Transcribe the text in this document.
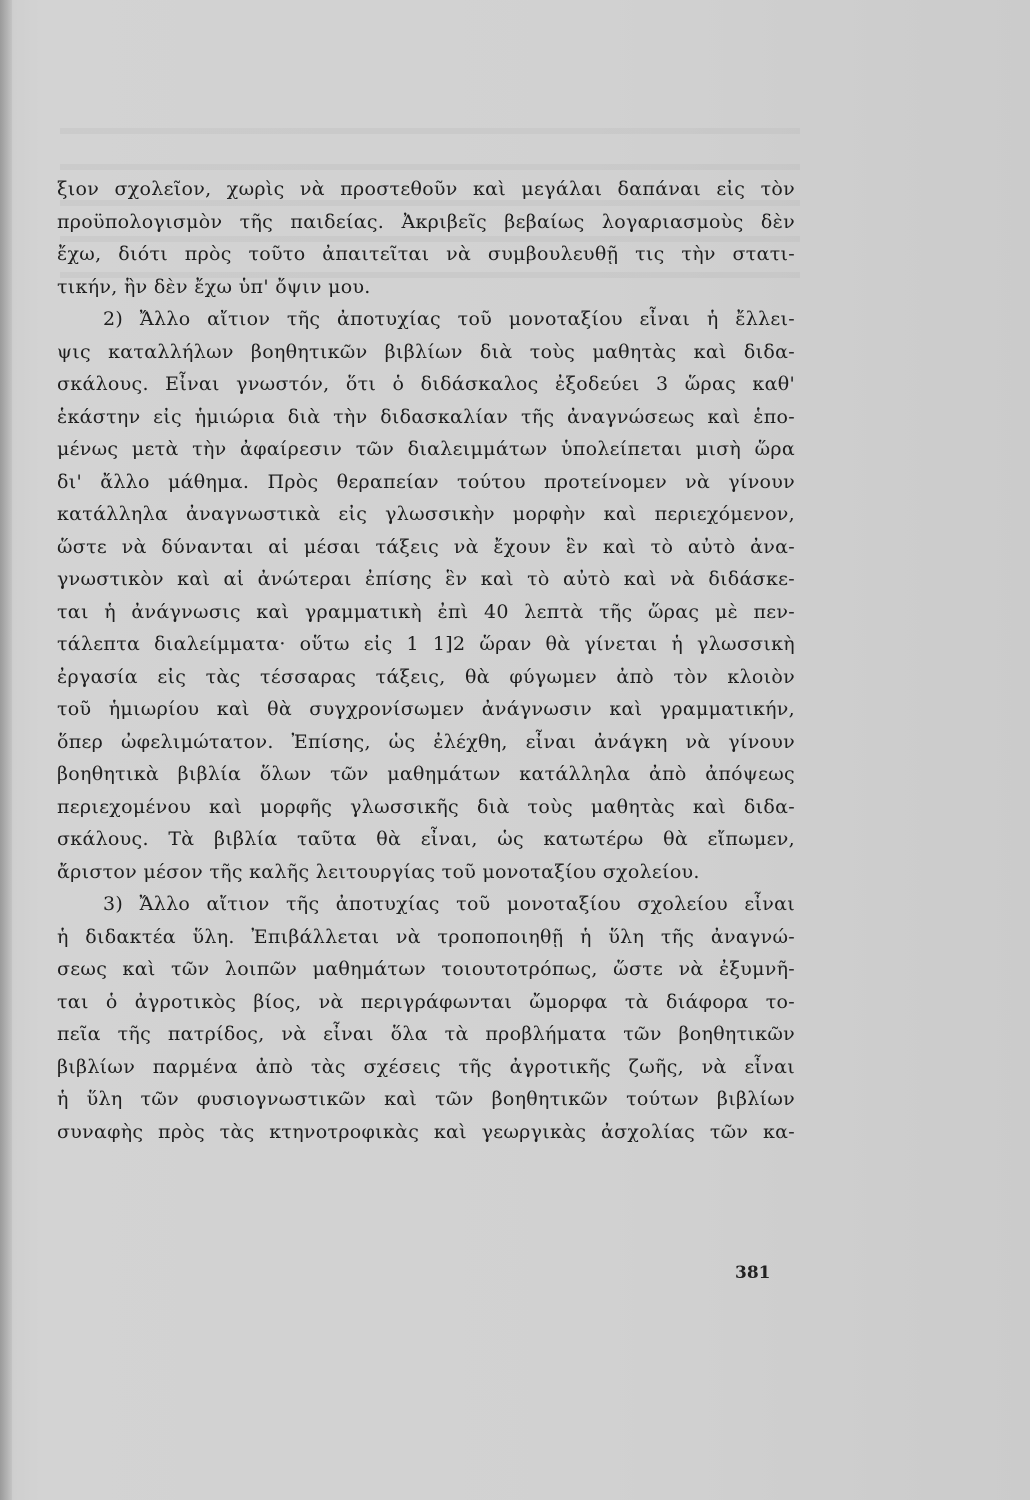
ξιον σχολεῖον, χωρὶς νὰ προστεθοῦν καὶ μεγάλαι δαπάναι εἰς τὸν
προϋπολογισμὸν τῆς παιδείας. Ἀκριβεῖς βεβαίως λογαριασμοὺς δὲν
ἔχω, διότι πρὸς τοῦτο ἀπαιτεῖται νὰ συμβουλευθῇ τις τὴν στατι-
τικήν, ἣν δὲν ἔχω ὑπ' ὄψιν μου.
2) Ἄλλο αἴτιον τῆς ἀποτυχίας τοῦ μονοταξίου εἶναι ἡ ἔλλει-
ψις καταλλήλων βοηθητικῶν βιβλίων διὰ τοὺς μαθητὰς καὶ διδα-
σκάλους. Εἶναι γνωστόν, ὅτι ὁ διδάσκαλος ἐξοδεύει 3 ὥρας καθ'
ἑκάστην εἰς ἡμιώρια διὰ τὴν διδασκαλίαν τῆς ἀναγνώσεως καὶ ἑπο-
μένως μετὰ τὴν ἀφαίρεσιν τῶν διαλειμμάτων ὑπολείπεται μισὴ ὥρα
δι' ἄλλο μάθημα. Πρὸς θεραπείαν τούτου προτείνομεν νὰ γίνουν
κατάλληλα ἀναγνωστικὰ εἰς γλωσσικὴν μορφὴν καὶ περιεχόμενον,
ὥστε νὰ δύνανται αἱ μέσαι τάξεις νὰ ἔχουν ἓν καὶ τὸ αὐτὸ ἀνα-
γνωστικὸν καὶ αἱ ἀνώτεραι ἐπίσης ἓν καὶ τὸ αὐτὸ καὶ νὰ διδάσκε-
ται ἡ ἀνάγνωσις καὶ γραμματικὴ ἐπὶ 40 λεπτὰ τῆς ὥρας μὲ πεν-
τάλεπτα διαλείμματα· οὕτω εἰς 1 1]2 ὥραν θὰ γίνεται ἡ γλωσσικὴ
ἐργασία εἰς τὰς τέσσαρας τάξεις, θὰ φύγωμεν ἀπὸ τὸν κλοιὸν
τοῦ ἡμιωρίου καὶ θὰ συγχρονίσωμεν ἀνάγνωσιν καὶ γραμματικήν,
ὅπερ ὠφελιμώτατον. Ἐπίσης, ὡς ἐλέχθη, εἶναι ἀνάγκη νὰ γίνουν
βοηθητικὰ βιβλία ὅλων τῶν μαθημάτων κατάλληλα ἀπὸ ἀπόψεως
περιεχομένου καὶ μορφῆς γλωσσικῆς διὰ τοὺς μαθητὰς καὶ διδα-
σκάλους. Τὰ βιβλία ταῦτα θὰ εἶναι, ὡς κατωτέρω θὰ εἴπωμεν,
ἄριστον μέσον τῆς καλῆς λειτουργίας τοῦ μονοταξίου σχολείου.
3) Ἄλλο αἴτιον τῆς ἀποτυχίας τοῦ μονοταξίου σχολείου εἶναι
ἡ διδακτέα ὕλη. Ἐπιβάλλεται νὰ τροποποιηθῇ ἡ ὕλη τῆς ἀναγνώ-
σεως καὶ τῶν λοιπῶν μαθημάτων τοιουτοτρόπως, ὥστε νὰ ἐξυμνῆ-
ται ὁ ἀγροτικὸς βίος, νὰ περιγράφωνται ὤμορφα τὰ διάφορα το-
πεῖα τῆς πατρίδος, νὰ εἶναι ὅλα τὰ προβλήματα τῶν βοηθητικῶν
βιβλίων παρμένα ἀπὸ τὰς σχέσεις τῆς ἀγροτικῆς ζωῆς, νὰ εἶναι
ἡ ὕλη τῶν φυσιογνωστικῶν καὶ τῶν βοηθητικῶν τούτων βιβλίων
συναφὴς πρὸς τὰς κτηνοτροφικὰς καὶ γεωργικὰς ἀσχολίας τῶν κα-
381
